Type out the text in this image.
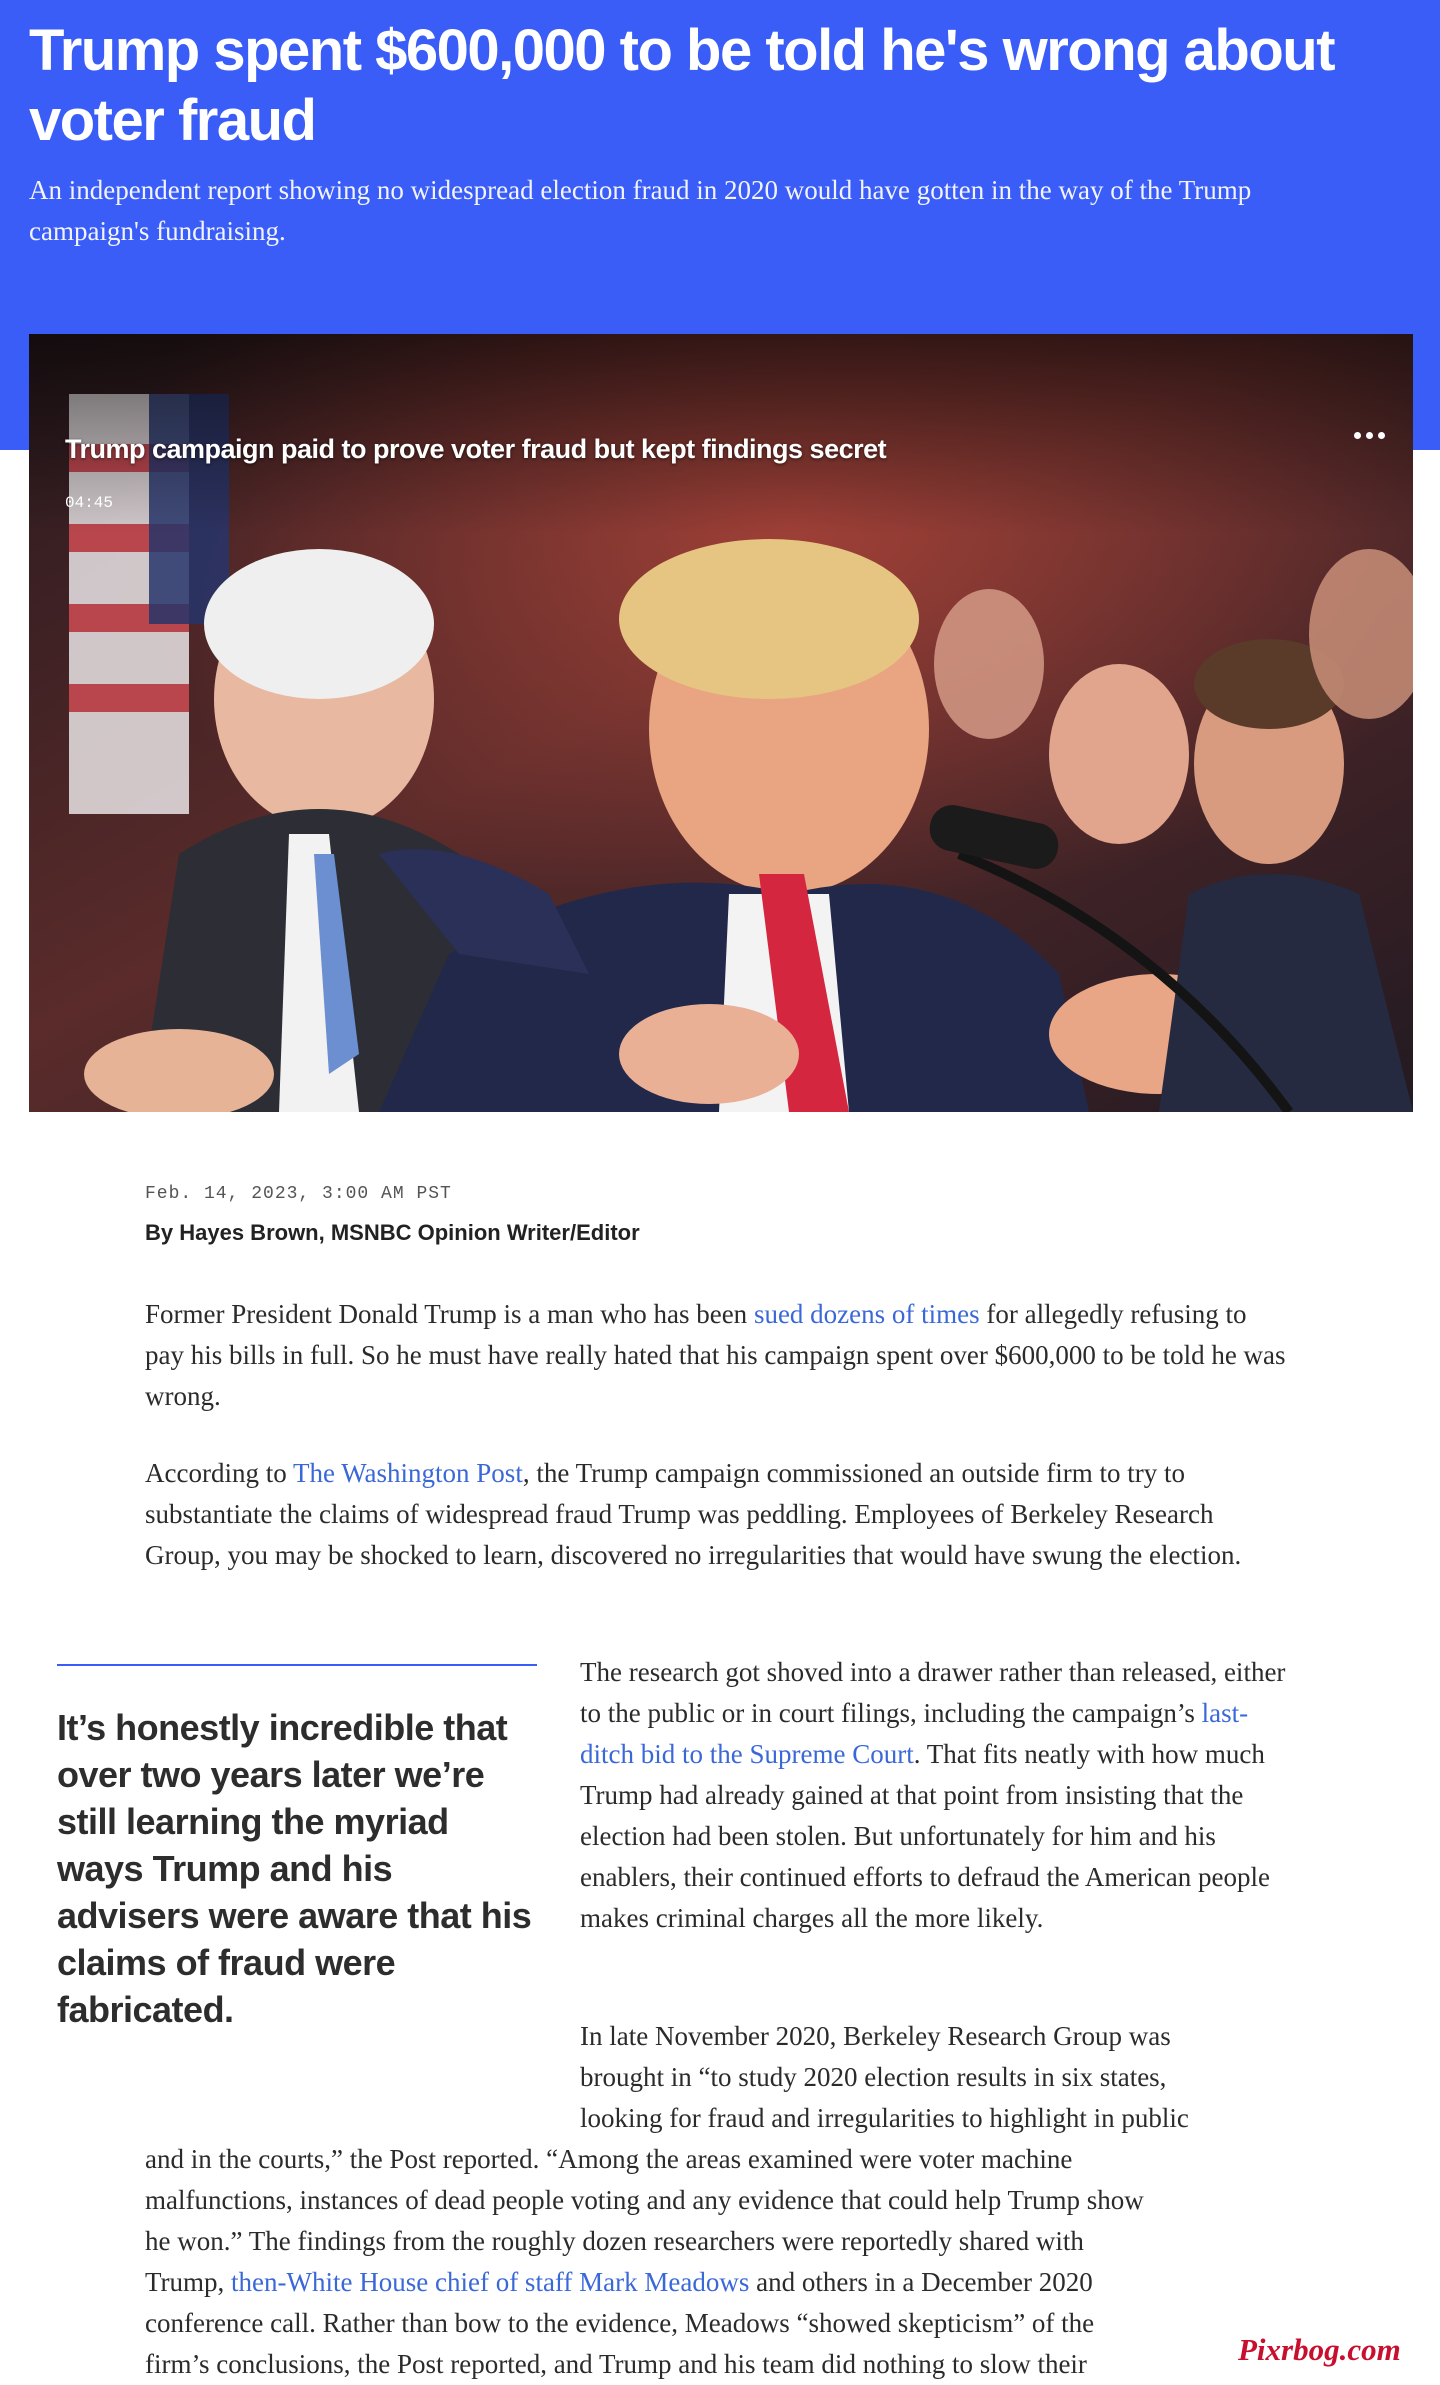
Trump spent $600,000 to be told he's wrong about voter fraud

An independent report showing no widespread election fraud in 2020 would have gotten in the way of the Trump campaign's fundraising.

Trump campaign paid to prove voter fraud but kept findings secret
04:45
Feb. 14, 2023, 3:00 AM PST
By Hayes Brown, MSNBC Opinion Writer/Editor

Former President Donald Trump is a man who has been sued dozens of times for allegedly refusing to pay his bills in full. So he must have really hated that his campaign spent over $600,000 to be told he was wrong.

According to The Washington Post, the Trump campaign commissioned an outside firm to try to substantiate the claims of widespread fraud Trump was peddling. Employees of Berkeley Research Group, you may be shocked to learn, discovered no irregularities that would have swung the election.

It’s honestly incredible that over two years later we’re still learning the myriad ways Trump and his advisers were aware that his claims of fraud were fabricated.

The research got shoved into a drawer rather than released, either to the public or in court filings, including the campaign’s last-ditch bid to the Supreme Court. That fits neatly with how much Trump had already gained at that point from insisting that the election had been stolen. But unfortunately for him and his enablers, their continued efforts to defraud the American people makes criminal charges all the more likely.

In late November 2020, Berkeley Research Group was
brought in “to study 2020 election results in six states,
looking for fraud and irregularities to highlight in public
and in the courts,” the Post reported. “Among the areas examined were voter machine
malfunctions, instances of dead people voting and any evidence that could help Trump show
he won.” The findings from the roughly dozen researchers were reportedly shared with
Trump, then-White House chief of staff Mark Meadows and others in a December 2020
conference call. Rather than bow to the evidence, Meadows “showed skepticism” of the
firm’s conclusions, the Post reported, and Trump and his team did nothing to slow their	Pixrbog.com
